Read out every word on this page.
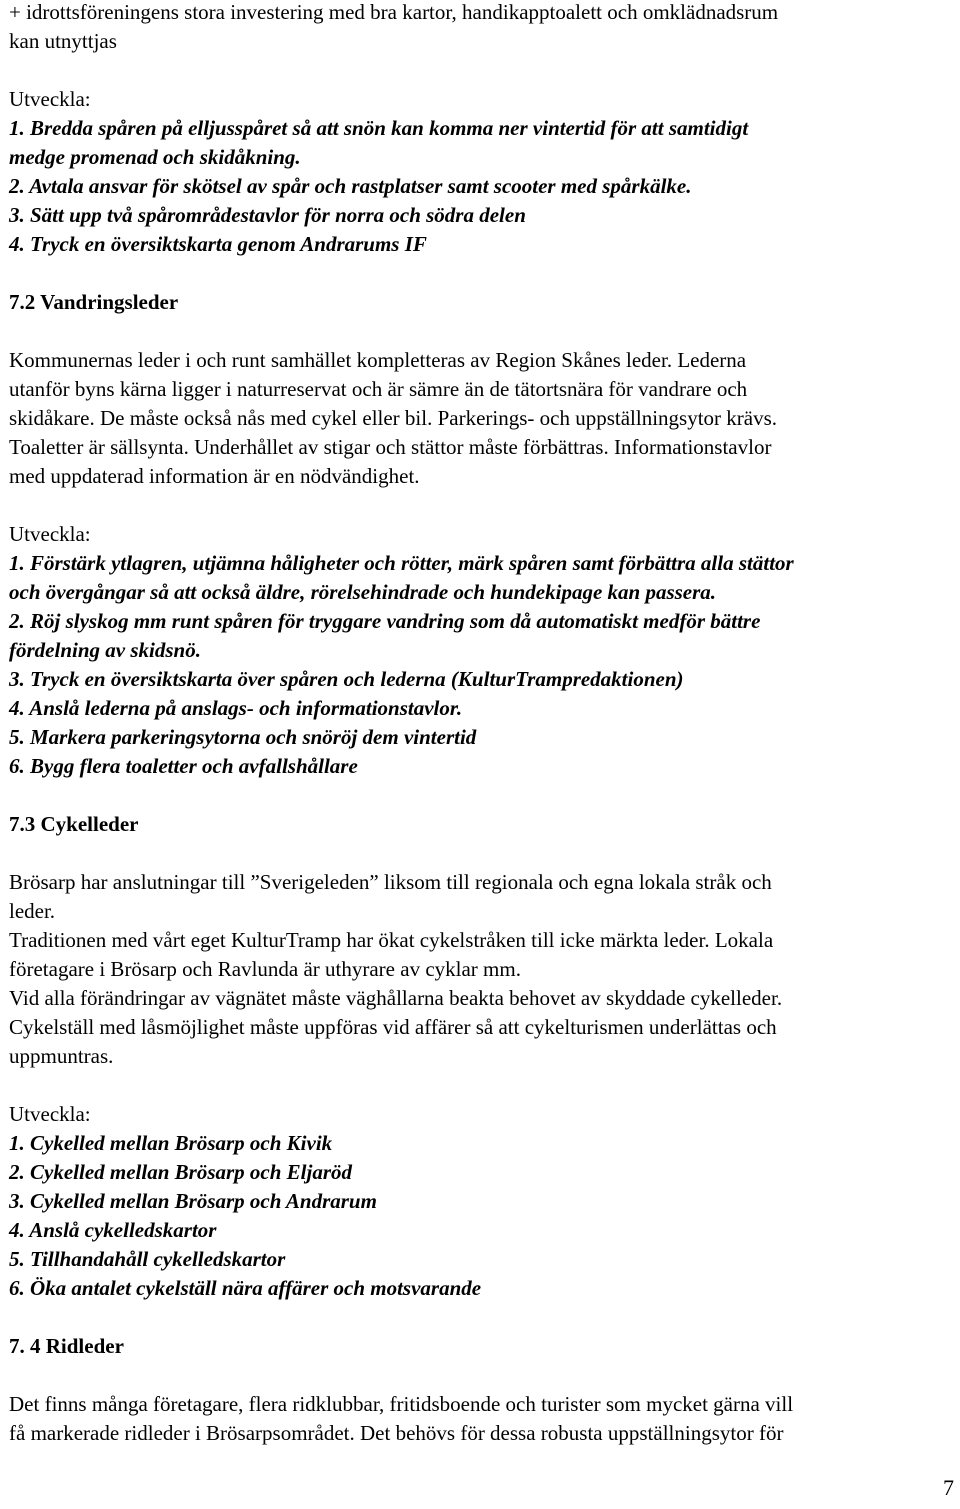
+ idrottsföreningens stora investering med bra kartor, handikapptoalett och omklädnadsrum
kan utnyttjas
Utveckla:
1. Bredda spåren på elljusspåret så att snön kan komma ner vintertid för att samtidigt
medge promenad och skidåkning.
2. Avtala ansvar för skötsel av spår och rastplatser samt scooter med spårkälke.
3. Sätt upp två spårområdestavlor för norra och södra delen
4. Tryck en översiktskarta genom Andrarums IF
7.2 Vandringsleder
Kommunernas leder i och runt samhället kompletteras av Region Skånes leder. Lederna
utanför byns kärna ligger i naturreservat och är sämre än de tätortsnära för vandrare och
skidåkare. De måste också nås med cykel eller bil. Parkerings- och uppställningsytor krävs.
Toaletter är sällsynta. Underhållet av stigar och stättor måste förbättras. Informationstavlor
med uppdaterad information är en nödvändighet.
Utveckla:
1. Förstärk ytlagren, utjämna håligheter och rötter, märk spåren samt förbättra alla stättor
och övergångar så att också äldre, rörelsehindrade och hundekipage kan passera.
2. Röj slyskog mm runt spåren för tryggare vandring som då automatiskt medför bättre
fördelning av skidsnö.
3. Tryck en översiktskarta över spåren och lederna (KulturTrampredaktionen)
4. Anslå lederna på anslags- och informationstavlor.
5. Markera parkeringsytorna och snöröj dem vintertid
6. Bygg flera toaletter och avfallshållare
7.3 Cykelleder
Brösarp har anslutningar till ”Sverigeleden” liksom till regionala och egna lokala stråk och
leder.
Traditionen med vårt eget KulturTramp har ökat cykelstråken till icke märkta leder. Lokala
företagare i Brösarp och Ravlunda är uthyrare av cyklar mm.
Vid alla förändringar av vägnätet måste väghållarna beakta behovet av skyddade cykelleder.
Cykelställ med låsmöjlighet måste uppföras vid affärer så att cykelturismen underlättas och
uppmuntras.
Utveckla:
1. Cykelled mellan Brösarp och Kivik
2. Cykelled mellan Brösarp och Eljaröd
3. Cykelled mellan Brösarp och Andrarum
4. Anslå cykelledskartor
5. Tillhandahåll cykelledskartor
6. Öka antalet cykelställ nära affärer och motsvarande
7. 4 Ridleder
Det finns många företagare, flera ridklubbar, fritidsboende och turister som mycket gärna vill
få markerade ridleder i Brösarpsområdet. Det behövs för dessa robusta uppställningsytor för
7
